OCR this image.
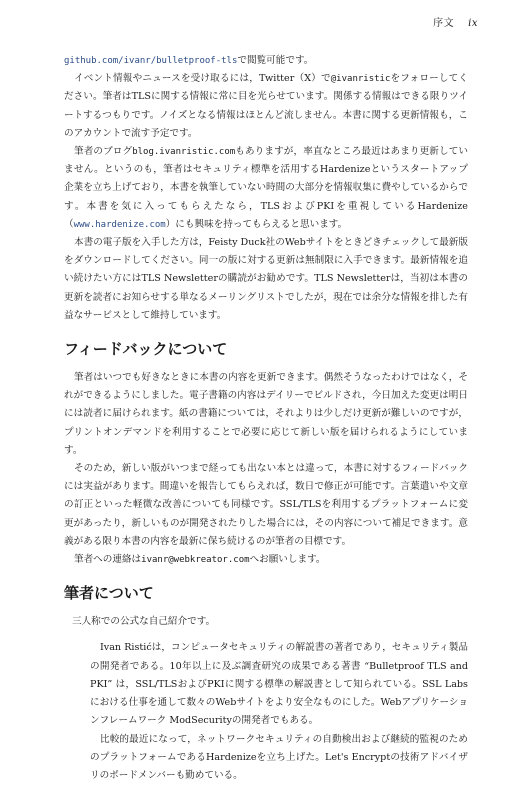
序文 ix

github.com/ivanr/bulletproof-tlsで閲覧可能です。

イベント情報やニュースを受け取るには，Twitter（X）で@ivanristicをフォローしてください。筆者はTLSに関する情報に常に目を光らせています。関係する情報はできる限りツイートするつもりです。ノイズとなる情報はほとんど流しません。本書に関する更新情報も，このアカウントで流す予定です。

筆者のブログblog.ivanristic.comもありますが，率直なところ最近はあまり更新していません。というのも，筆者はセキュリティ標準を活用するHardenizeというスタートアップ企業を立ち上げており，本書を執筆していない時間の大部分を情報収集に費やしているからです。本書を気に入ってもらえたなら，TLSおよびPKIを重視しているHardenize（www.hardenize.com）にも興味を持ってもらえると思います。

本書の電子版を入手した方は，Feisty Duck社のWebサイトをときどきチェックして最新版をダウンロードしてください。同一の版に対する更新は無制限に入手できます。最新情報を追い続けたい方にはTLS Newsletterの購読がお勧めです。TLS Newsletterは，当初は本書の更新を読者にお知らせする単なるメーリングリストでしたが，現在では余分な情報を排した有益なサービスとして維持しています。

フィードバックについて

筆者はいつでも好きなときに本書の内容を更新できます。偶然そうなったわけではなく，それができるようにしました。電子書籍の内容はデイリーでビルドされ，今日加えた変更は明日には読者に届けられます。紙の書籍については，それよりは少しだけ更新が難しいのですが，プリントオンデマンドを利用することで必要に応じて新しい版を届けられるようにしています。

そのため，新しい版がいつまで経っても出ない本とは違って，本書に対するフィードバックには実益があります。間違いを報告してもらえれば，数日で修正が可能です。言葉遣いや文章の訂正といった軽微な改善についても同様です。SSL/TLSを利用するプラットフォームに変更があったり，新しいものが開発されたりした場合には，その内容について補足できます。意義がある限り本書の内容を最新に保ち続けるのが筆者の目標です。

筆者への連絡はivanr@webkreator.comへお願いします。

筆者について

三人称での公式な自己紹介です。

Ivan Ristićは，コンピュータセキュリティの解説書の著者であり，セキュリティ製品の開発者である。10年以上に及ぶ調査研究の成果である著書 “Bulletproof TLS and PKI” は，SSL/TLSおよびPKIに関する標準の解説書として知られている。SSL Labsにおける仕事を通して数々のWebサイトをより安全なものにした。Webアプリケーションフレームワーク ModSecurityの開発者でもある。

比較的最近になって，ネットワークセキュリティの自動検出および継続的監視のためのプラットフォームであるHardenizeを立ち上げた。Let's Encryptの技術アドバイザリのボードメンバーも勤めている。
